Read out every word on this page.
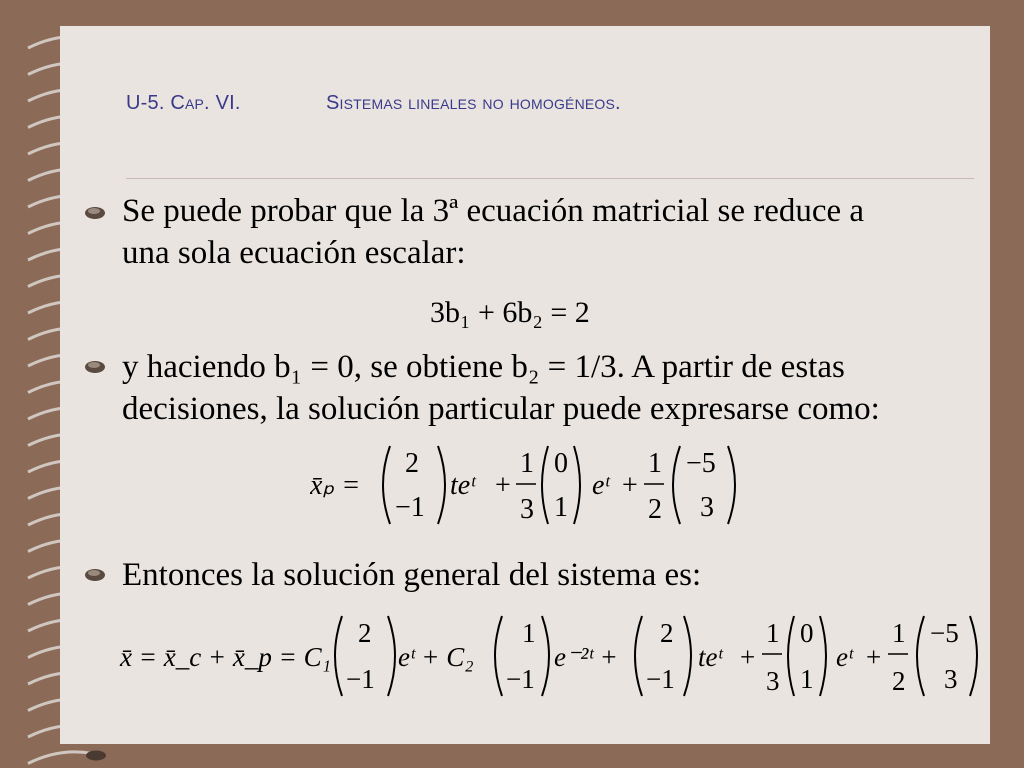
U-5. Cap. VI.	Sistemas lineales no homogéneos.
Se puede probar que la 3ª ecuación matricial se reduce a
una sola ecuación escalar:
3b₁ + 6b₂ = 2
y haciendo b₁ = 0, se obtiene b₂ = 1/3. A partir de estas
decisiones, la solución particular puede expresarse como:
x̄ₚ =
2
−1
teᵗ +
1
3
0
1
eᵗ +
1
2
−5
3
Entonces la solución general del sistema es:
x̄ = x̄_c + x̄_p = C₁
2
−1
eᵗ + C₂
1
−1
e⁻²ᵗ +
2
−1
teᵗ +
1
3
0
1
eᵗ +
1
2
−5
3
